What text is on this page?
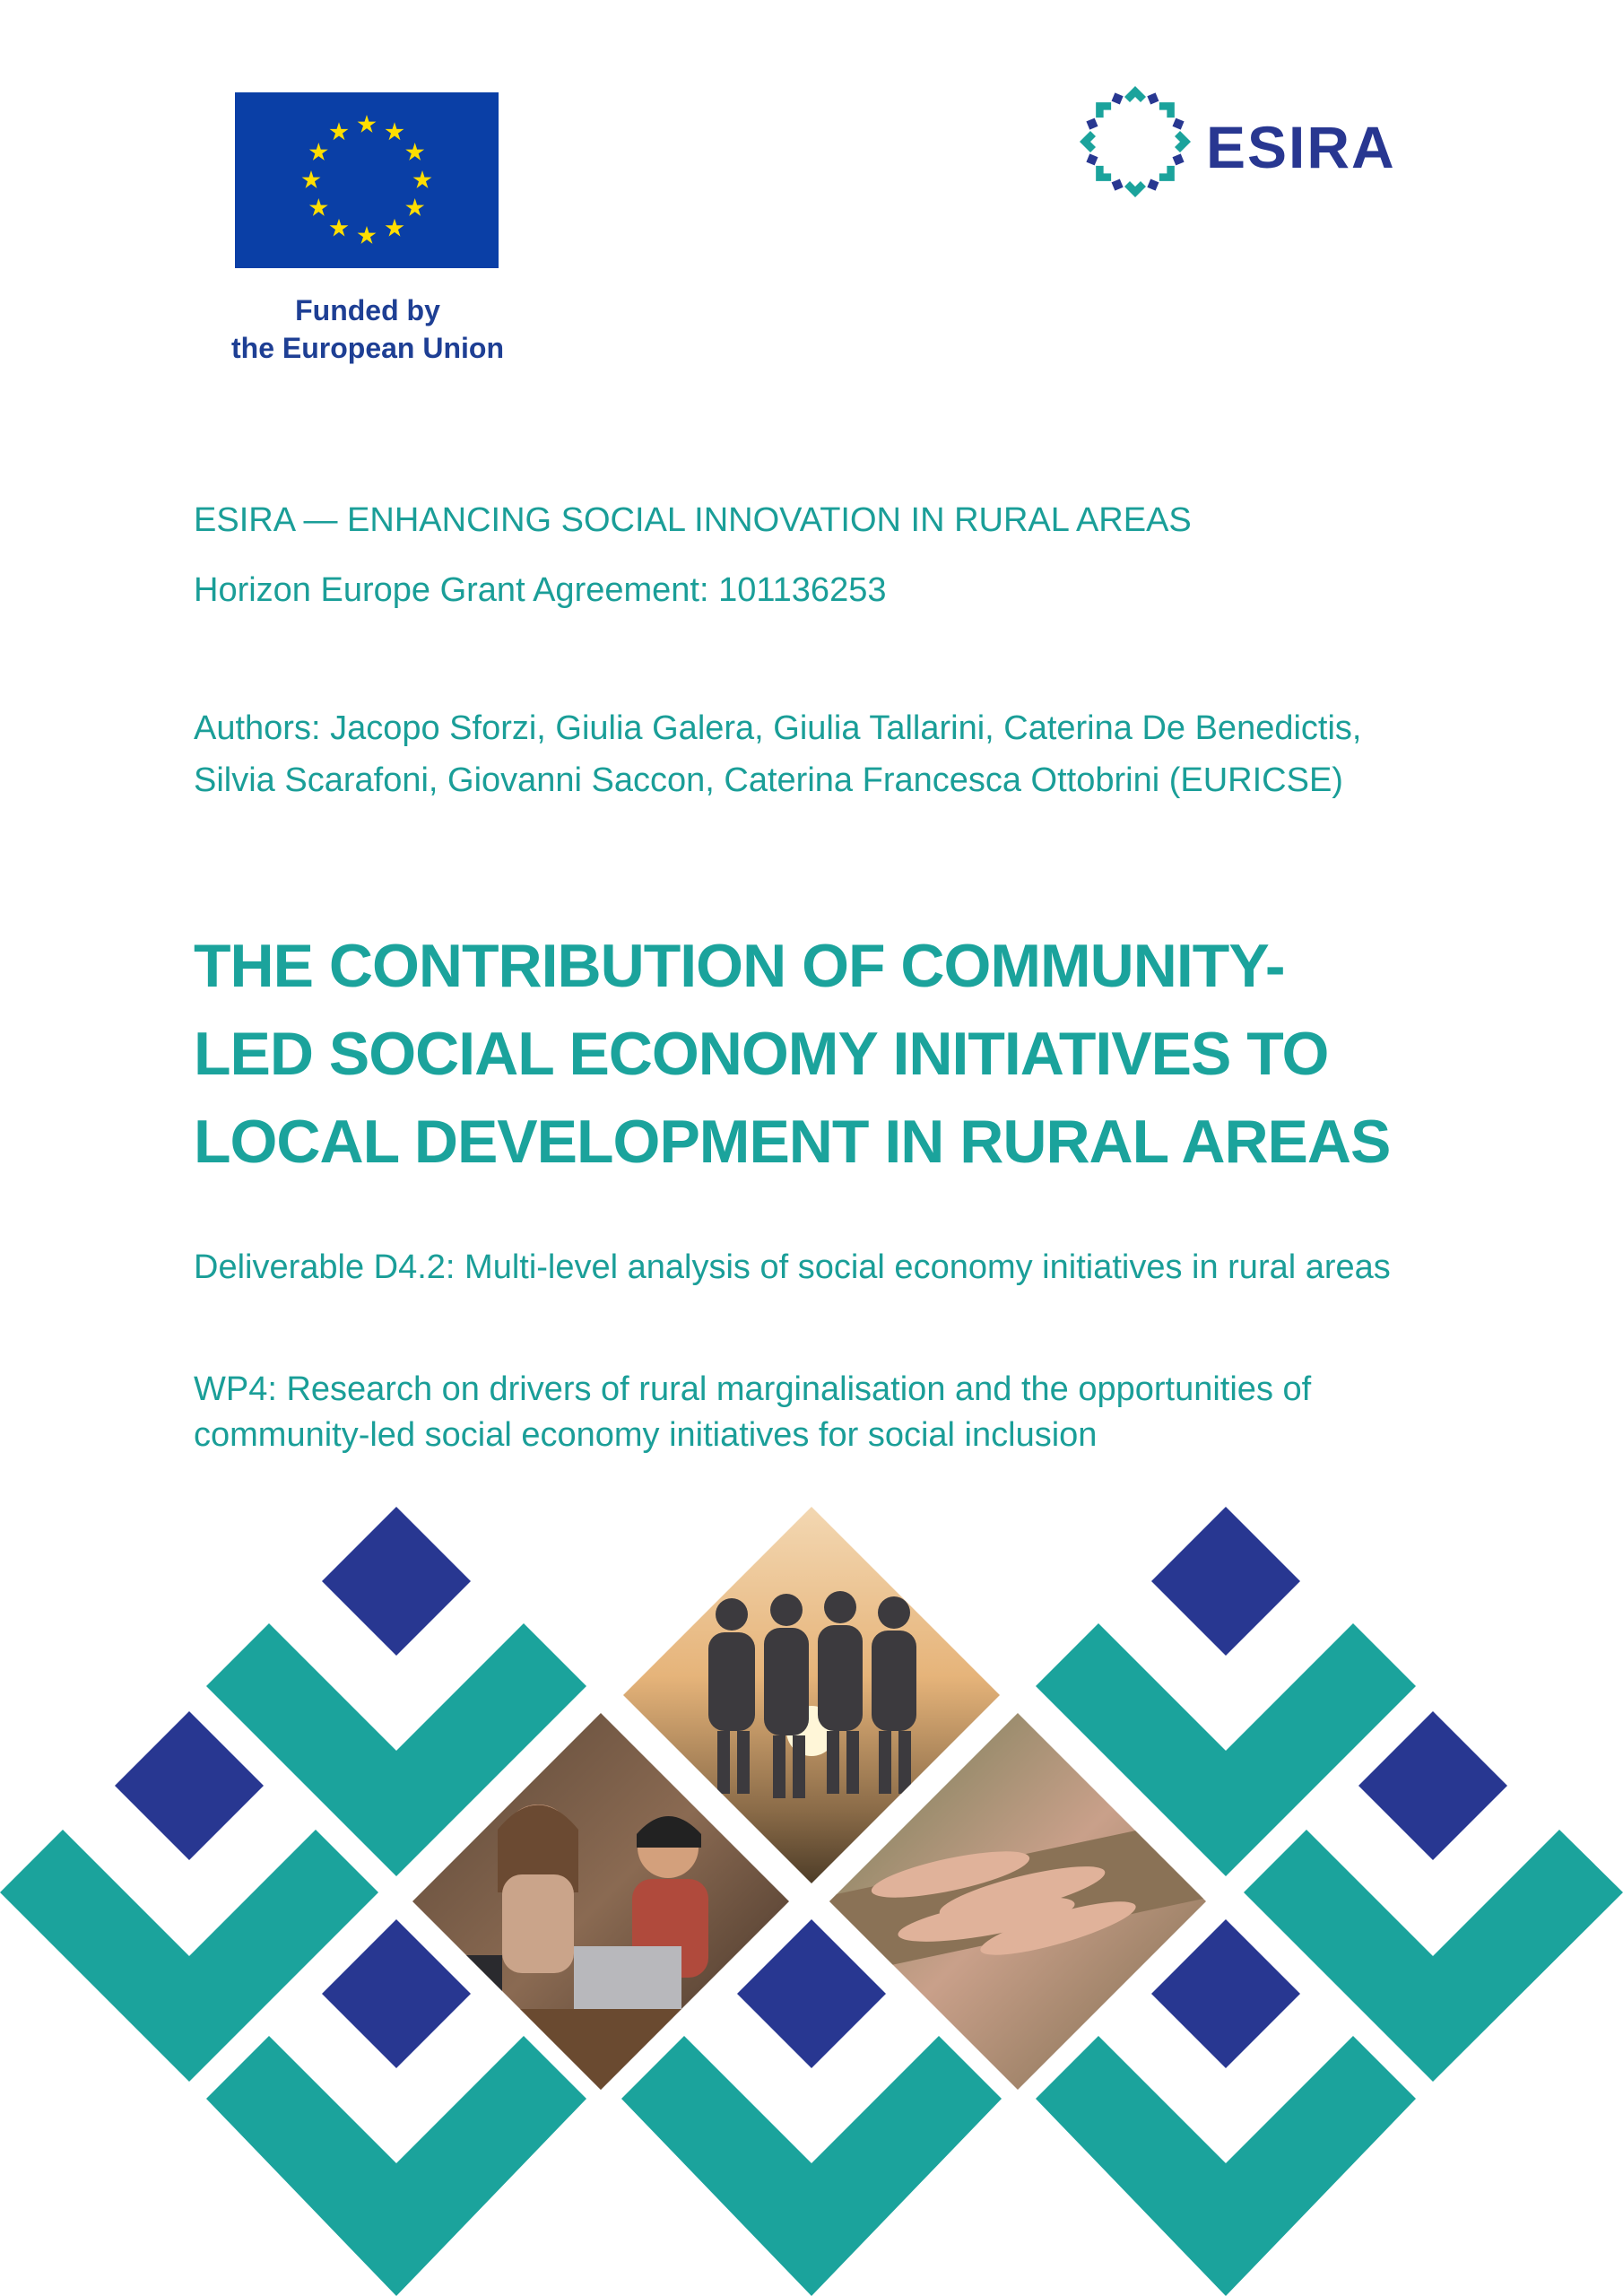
Funded by
the European Union
ESIRA
ESIRA — ENHANCING SOCIAL INNOVATION IN RURAL AREAS
Horizon Europe Grant Agreement: 101136253
Authors: Jacopo Sforzi, Giulia Galera, Giulia Tallarini, Caterina De Benedictis, Silvia Scarafoni, Giovanni Saccon, Caterina Francesca Ottobrini (EURICSE)
THE CONTRIBUTION OF COMMUNITY-
LED SOCIAL ECONOMY INITIATIVES TO
LOCAL DEVELOPMENT IN RURAL AREAS
Deliverable D4.2: Multi-level analysis of social economy initiatives in rural areas
WP4: Research on drivers of rural marginalisation and the opportunities of community-led social economy initiatives for social inclusion
